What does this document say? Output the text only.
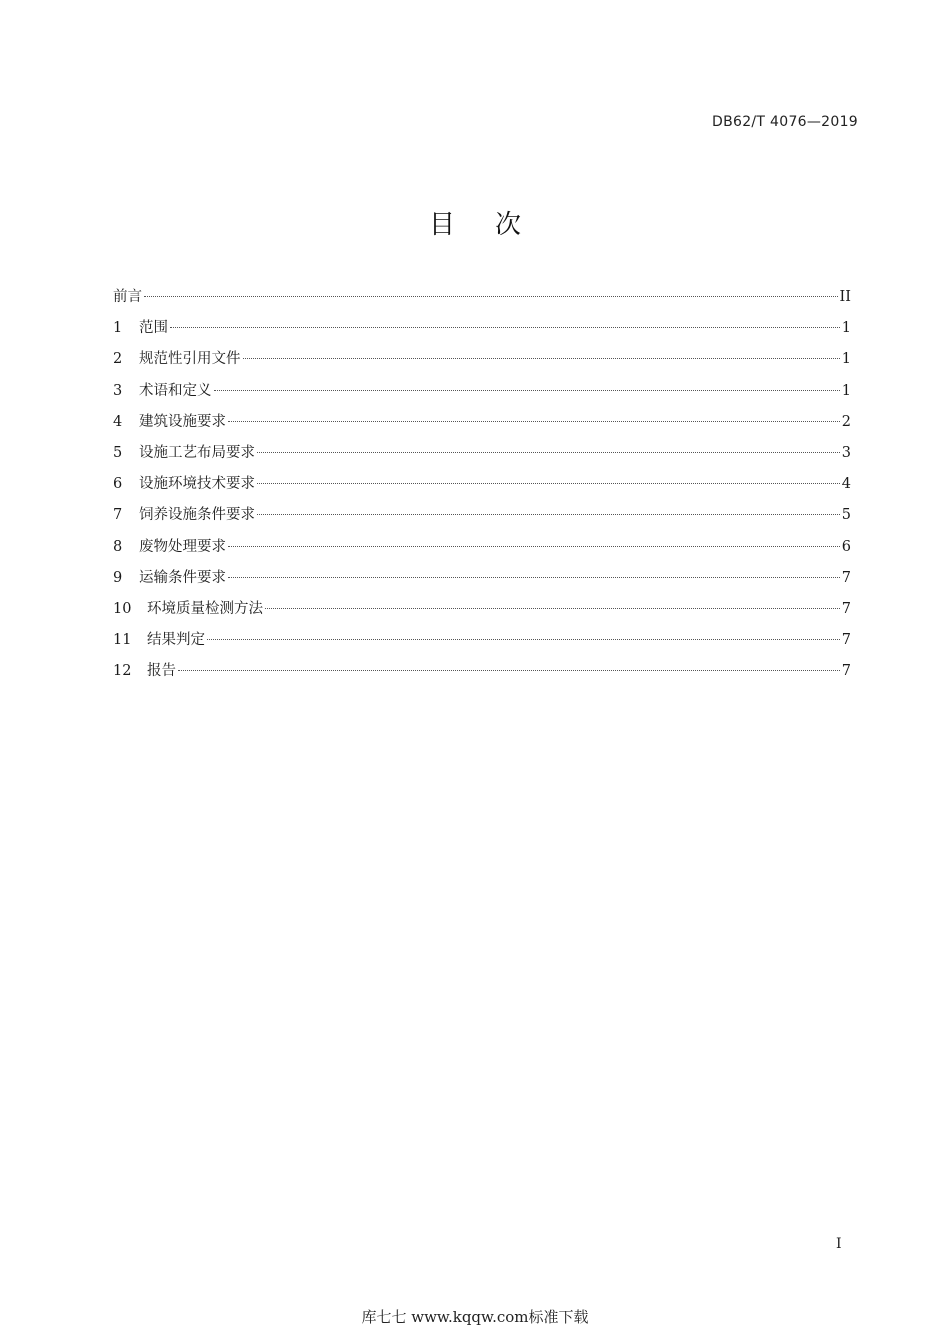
DB62/T 4076—2019
目次
前言	II
1	范围	1
2	规范性引用文件	1
3	术语和定义	1
4	建筑设施要求	2
5	设施工艺布局要求	3
6	设施环境技术要求	4
7	饲养设施条件要求	5
8	废物处理要求	6
9	运输条件要求	7
10	环境质量检测方法	7
11	结果判定	7
12	报告	7
I
库七七 www.kqqw.com标准下载
